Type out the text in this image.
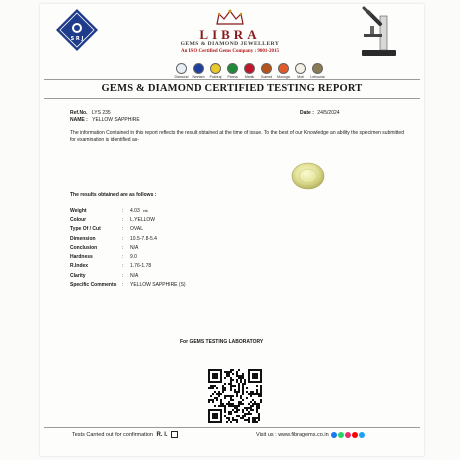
S R J	LIBRA
GEMS & DIAMOND JEWELLERY
An ISO Certified Gems Company : 9001-2015
Diamond Neelam Pukhraj Panna Manik Gomed Moonga Moti Lehsunia
GEMS & DIAMOND CERTIFIED TESTING REPORT
Ref.No. LYS 235
NAME : YELLOW SAPPHIRE
Date : 24/5/2024
The information Contained in this report reflects the result obtained at the time of issue. To the best of our Knowledge an ability the specimen submitted for examination is identified as-
The results obtained are as follows :
Weight	:	4.03 cts
Colour	:	L.YELLOW
Type Of / Cut	:	OVAL
Dimension	:	10.5-7.8-5.4
Conclusion	:	N/A
Hardness	:	9.0
R.Index	:	1.76-1.78
Clarity	:	N/A
Specific Comments	:	YELLOW SAPPHIRE (S)
For GEMS TESTING LABORATORY
Tests Carried out for confirmation R. I.	Visit us : www.fibragems.co.in
